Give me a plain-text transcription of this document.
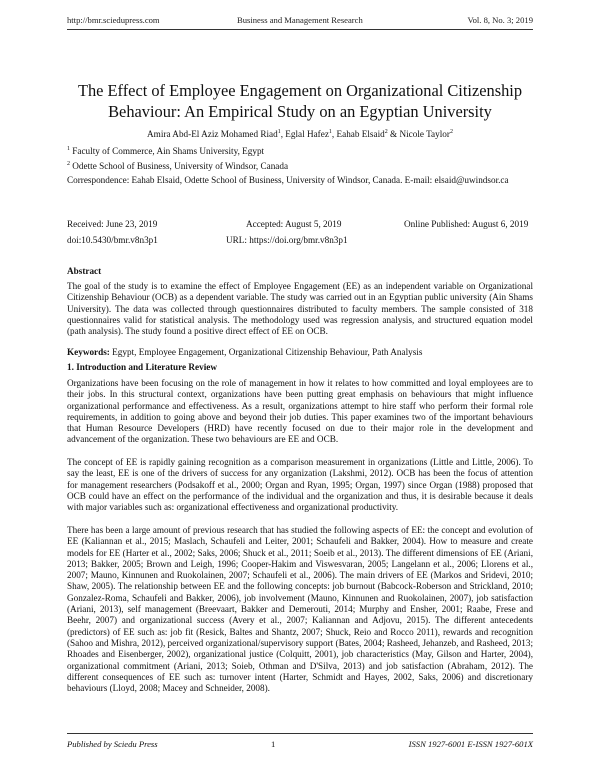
http://bmr.sciedupress.com	Business and Management Research	Vol. 8, No. 3; 2019
The Effect of Employee Engagement on Organizational Citizenship
Behaviour: An Empirical Study on an Egyptian University
Amira Abd-El Aziz Mohamed Riad$^1$, Eglal Hafez$^1$, Eahab Elsaid$^2$ & Nicole Taylor$^2$
$^1$ Faculty of Commerce, Ain Shams University, Egypt
$^2$ Odette School of Business, University of Windsor, Canada
Correspondence: Eahab Elsaid, Odette School of Business, University of Windsor, Canada. E-mail: elsaid@uwindsor.ca
Received: June 23, 2019	Accepted: August 5, 2019	Online Published: August 6, 2019
doi:10.5430/bmr.v8n3p1	URL: https://doi.org/bmr.v8n3p1
Abstract
The goal of the study is to examine the effect of Employee Engagement (EE) as an independent variable on Organizational Citizenship Behaviour (OCB) as a dependent variable. The study was carried out in an Egyptian public university (Ain Shams University). The data was collected through questionnaires distributed to faculty members. The sample consisted of 318 questionnaires valid for statistical analysis. The methodology used was regression analysis, and structured equation model (path analysis). The study found a positive direct effect of EE on OCB.
Keywords: Egypt, Employee Engagement, Organizational Citizenship Behaviour, Path Analysis
1. Introduction and Literature Review
Organizations have been focusing on the role of management in how it relates to how committed and loyal employees are to their jobs. In this structural context, organizations have been putting great emphasis on behaviours that might influence organizational performance and effectiveness. As a result, organizations attempt to hire staff who perform their formal role requirements, in addition to going above and beyond their job duties. This paper examines two of the important behaviours that Human Resource Developers (HRD) have recently focused on due to their major role in the development and advancement of the organization. These two behaviours are EE and OCB.
The concept of EE is rapidly gaining recognition as a comparison measurement in organizations (Little and Little, 2006). To say the least, EE is one of the drivers of success for any organization (Lakshmi, 2012). OCB has been the focus of attention for management researchers (Podsakoff et al., 2000; Organ and Ryan, 1995; Organ, 1997) since Organ (1988) proposed that OCB could have an effect on the performance of the individual and the organization and thus, it is desirable because it deals with major variables such as: organizational effectiveness and organizational productivity.
There has been a large amount of previous research that has studied the following aspects of EE: the concept and evolution of EE (Kaliannan et al., 2015; Maslach, Schaufeli and Leiter, 2001; Schaufeli and Bakker, 2004). How to measure and create models for EE (Harter et al., 2002; Saks, 2006; Shuck et al., 2011; Soeib et al., 2013). The different dimensions of EE (Ariani, 2013; Bakker, 2005; Brown and Leigh, 1996; Cooper-Hakim and Viswesvaran, 2005; Langelann et al., 2006; Llorens et al., 2007; Mauno, Kinnunen and Ruokolainen, 2007; Schaufeli et al., 2006). The main drivers of EE (Markos and Sridevi, 2010; Shaw, 2005). The relationship between EE and the following concepts: job burnout (Babcock-Roberson and Strickland, 2010; Gonzalez-Roma, Schaufeli and Bakker, 2006), job involvement (Mauno, Kinnunen and Ruokolainen, 2007), job satisfaction (Ariani, 2013), self management (Breevaart, Bakker and Demerouti, 2014; Murphy and Ensher, 2001; Raabe, Frese and Beehr, 2007) and organizational success (Avery et al., 2007; Kaliannan and Adjovu, 2015). The different antecedents (predictors) of EE such as: job fit (Resick, Baltes and Shantz, 2007; Shuck, Reio and Rocco 2011), rewards and recognition (Sahoo and Mishra, 2012), perceived organizational/supervisory support (Bates, 2004; Rasheed, Jehanzeb, and Rasheed, 2013; Rhoades and Eisenberger, 2002), organizational justice (Colquitt, 2001), job characteristics (May, Gilson and Harter, 2004), organizational commitment (Ariani, 2013; Soieb, Othman and D'Silva, 2013) and job satisfaction (Abraham, 2012). The different consequences of EE such as: turnover intent (Harter, Schmidt and Hayes, 2002, Saks, 2006) and discretionary behaviours (Lloyd, 2008; Macey and Schneider, 2008).
Published by Sciedu Press	1	ISSN 1927-6001 E-ISSN 1927-601X
